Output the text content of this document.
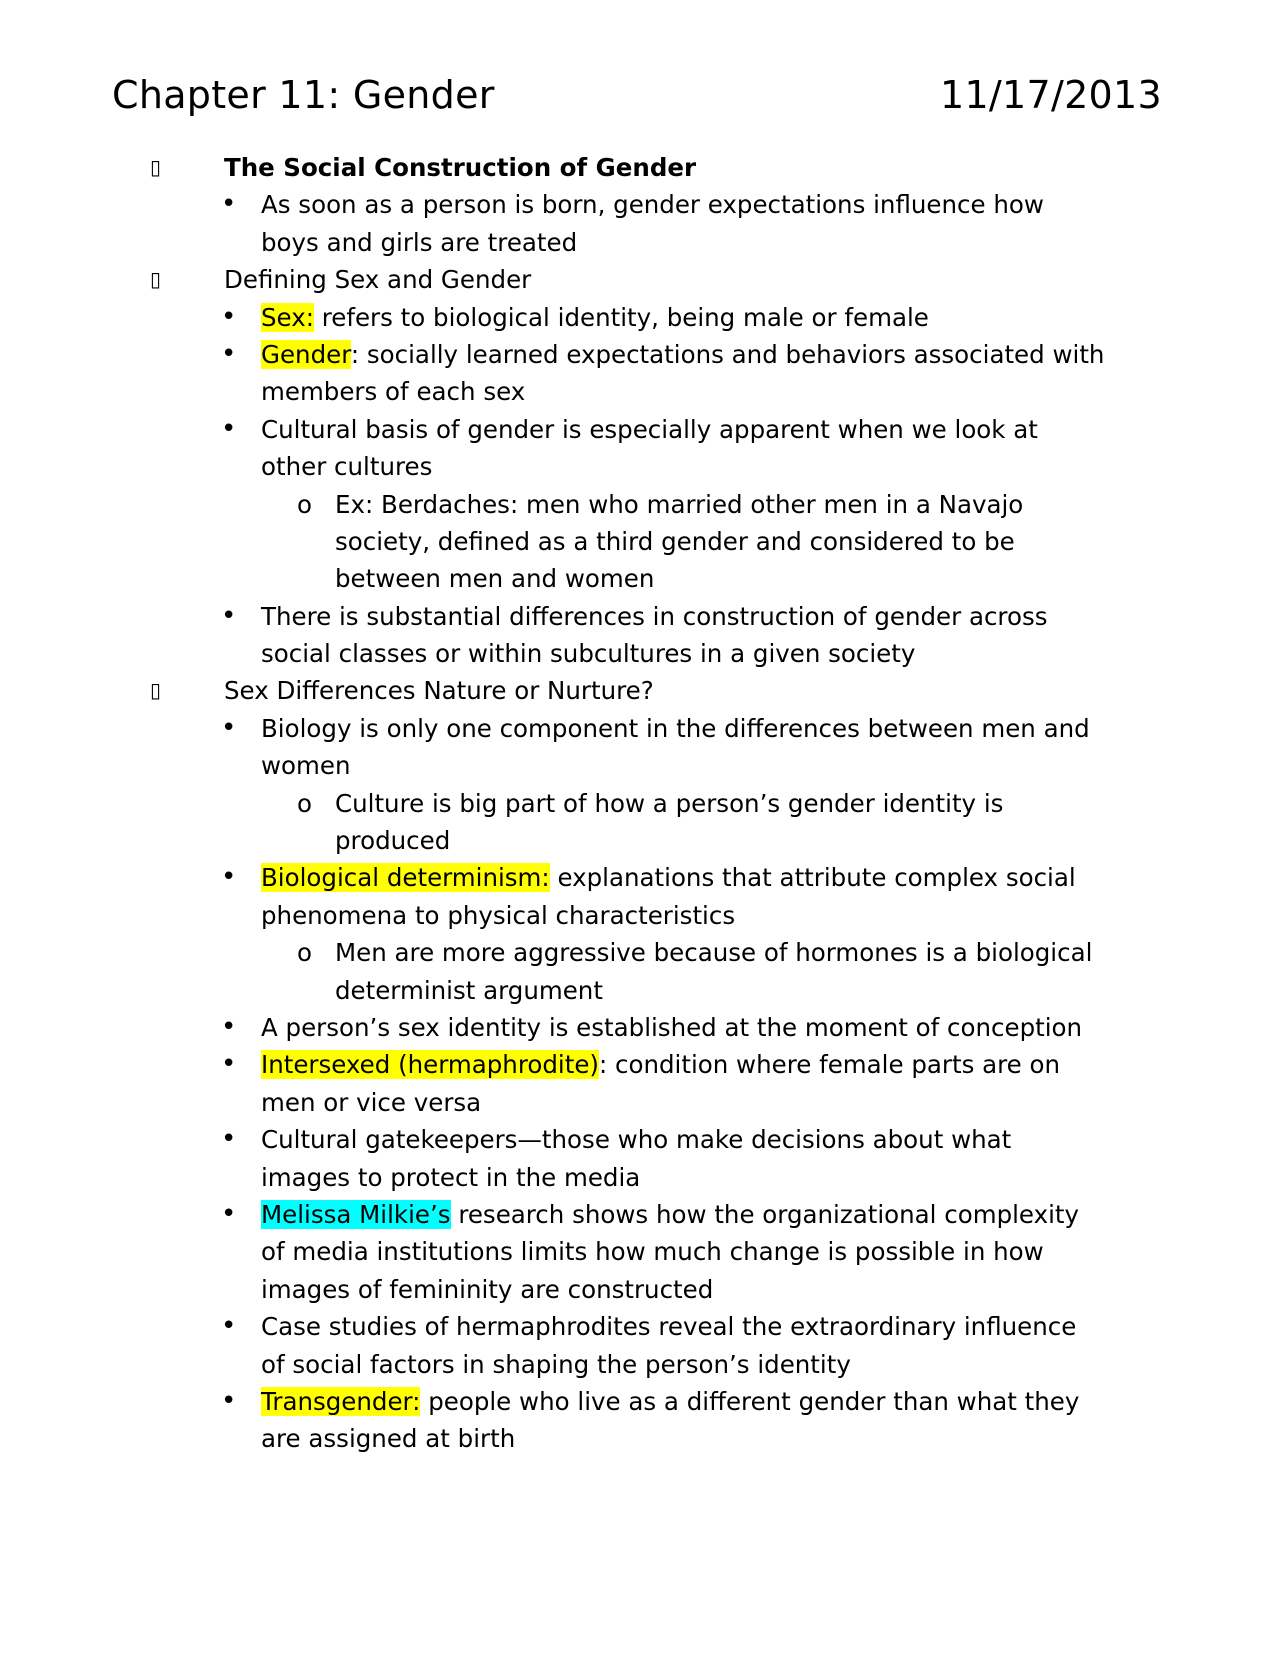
Chapter 11: Gender	11/17/2013
▯	The Social Construction of Gender
• As soon as a person is born, gender expectations influence how
boys and girls are treated
▯	Defining Sex and Gender
• Sex: refers to biological identity, being male or female
• Gender: socially learned expectations and behaviors associated with
members of each sex
• Cultural basis of gender is especially apparent when we look at
other cultures
o Ex: Berdaches: men who married other men in a Navajo
society, defined as a third gender and considered to be
between men and women
• There is substantial differences in construction of gender across
social classes or within subcultures in a given society
▯	Sex Differences Nature or Nurture?
• Biology is only one component in the differences between men and
women
o Culture is big part of how a person’s gender identity is
produced
• Biological determinism: explanations that attribute complex social
phenomena to physical characteristics
o Men are more aggressive because of hormones is a biological
determinist argument
• A person’s sex identity is established at the moment of conception
• Intersexed (hermaphrodite): condition where female parts are on
men or vice versa
• Cultural gatekeepers—those who make decisions about what
images to protect in the media
• Melissa Milkie’s research shows how the organizational complexity
of media institutions limits how much change is possible in how
images of femininity are constructed
• Case studies of hermaphrodites reveal the extraordinary influence
of social factors in shaping the person’s identity
• Transgender: people who live as a different gender than what they
are assigned at birth
